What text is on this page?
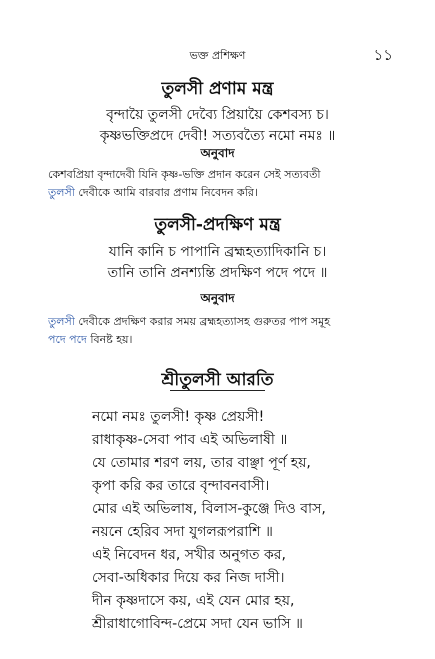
ভক্ত প্রশিক্ষণ	১১
তুলসী প্রণাম মন্ত্র
বৃন্দায়ৈ তুলসী দেব্যৈ প্রিয়ায়ৈ কেশবস্য চ।
কৃষ্ণভক্তিপ্রদে দেবী! সত্যবত্যৈ নমো নমঃ ॥
অনুবাদ
কেশবপ্রিয়া বৃন্দাদেবী যিনি কৃষ্ণ-ভক্তি প্রদান করেন সেই সত্যবতী
তুলসী দেবীকে আমি বারবার প্রণাম নিবেদন করি।
তুলসী-প্রদক্ষিণ মন্ত্র
যানি কানি চ পাপানি ব্রহ্মহত্যাদিকানি চ।
তানি তানি প্রনশ্যন্তি প্রদক্ষিণ পদে পদে ॥
অনুবাদ
তুলসী দেবীকে প্রদক্ষিণ করার সময় ব্রহ্মহত্যাসহ গুরুতর পাপ সমূহ
পদে পদে বিনষ্ট হয়।
শ্রীতুলসী আরতি
নমো নমঃ তুলসী! কৃষ্ণ প্রেয়সী!
রাধাকৃষ্ণ-সেবা পাব এই অভিলাষী ॥
যে তোমার শরণ লয়, তার বাঞ্ছা পূর্ণ হয়,
কৃপা করি কর তারে বৃন্দাবনবাসী।
মোর এই অভিলাষ, বিলাস-কুঞ্জে দিও বাস,
নয়নে হেরিব সদা যুগলরূপরাশি ॥
এই নিবেদন ধর, সখীর অনুগত কর,
সেবা-অধিকার দিয়ে কর নিজ দাসী।
দীন কৃষ্ণদাসে কয়, এই যেন মোর হয়,
শ্রীরাধাগোবিন্দ-প্রেমে সদা যেন ভাসি ॥
